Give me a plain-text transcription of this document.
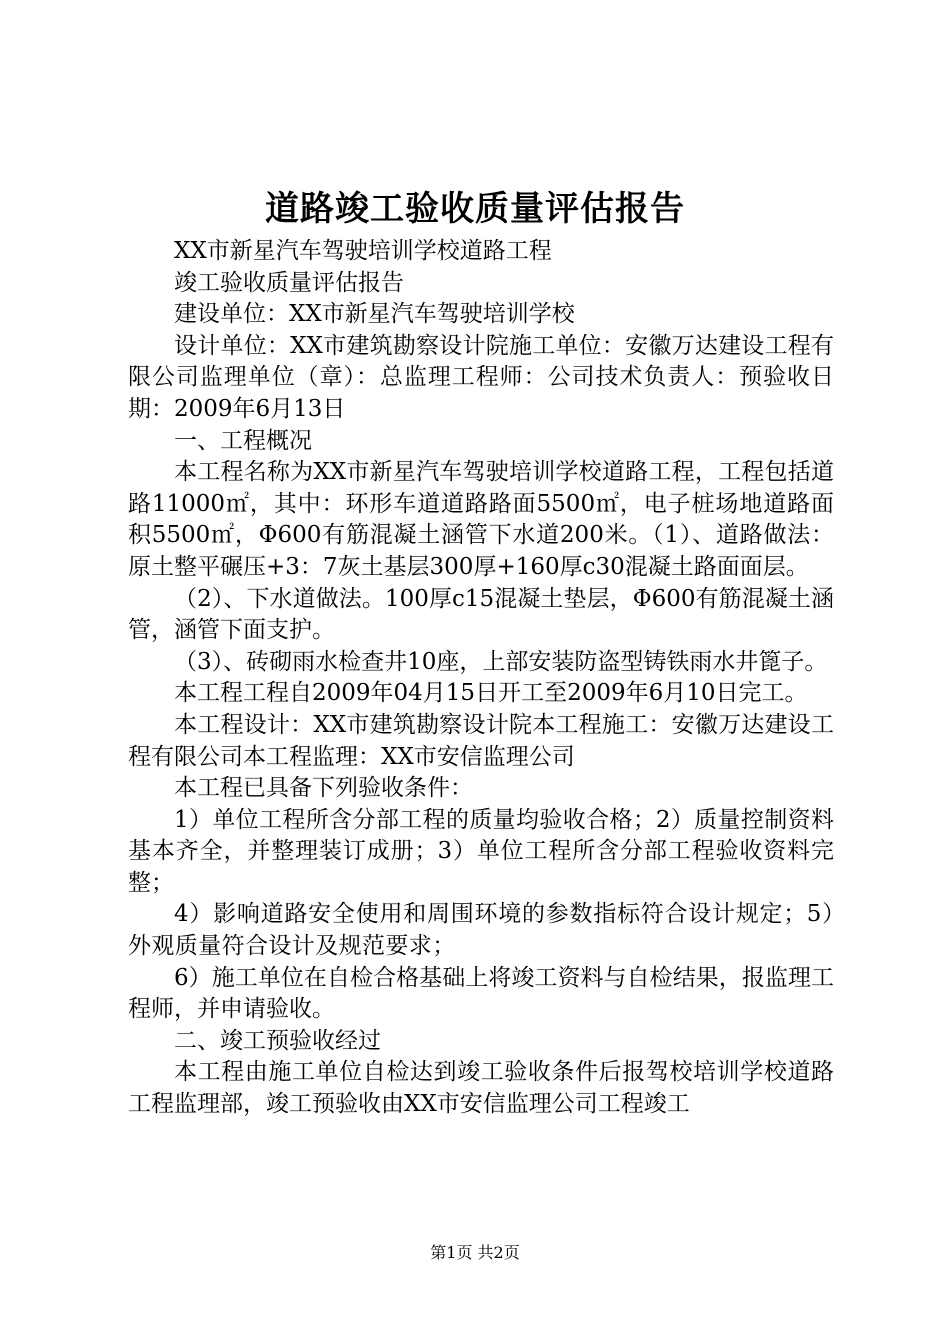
道路竣工验收质量评估报告

XX市新星汽车驾驶培训学校道路工程

竣工验收质量评估报告

建设单位：XX市新星汽车驾驶培训学校

设计单位：XX市建筑勘察设计院施工单位：安徽万达建设工程有限公司监理单位（章）：总监理工程师：公司技术负责人：预验收日期：2009年6月13日

一、工程概况

本工程名称为XX市新星汽车驾驶培训学校道路工程，工程包括道路11000㎡，其中：环形车道道路路面5500㎡，电子桩场地道路面积5500㎡，Φ600有筋混凝土涵管下水道200米。（1）、道路做法：原土整平碾压+3：7灰土基层300厚+160厚c30混凝土路面面层。

（2）、下水道做法。100厚c15混凝土垫层，Φ600有筋混凝土涵管，涵管下面支护。

（3）、砖砌雨水检查井10座，上部安装防盗型铸铁雨水井篦子。

本工程工程自2009年04月15日开工至2009年6月10日完工。

本工程设计：XX市建筑勘察设计院本工程施工：安徽万达建设工程有限公司本工程监理：XX市安信监理公司

本工程已具备下列验收条件：

1）单位工程所含分部工程的质量均验收合格；2）质量控制资料基本齐全，并整理装订成册；3）单位工程所含分部工程验收资料完整；

4）影响道路安全使用和周围环境的参数指标符合设计规定；5）外观质量符合设计及规范要求；

6）施工单位在自检合格基础上将竣工资料与自检结果，报监理工程师，并申请验收。

二、竣工预验收经过

本工程由施工单位自检达到竣工验收条件后报驾校培训学校道路工程监理部，竣工预验收由XX市安信监理公司工程竣工

第1页 共2页
